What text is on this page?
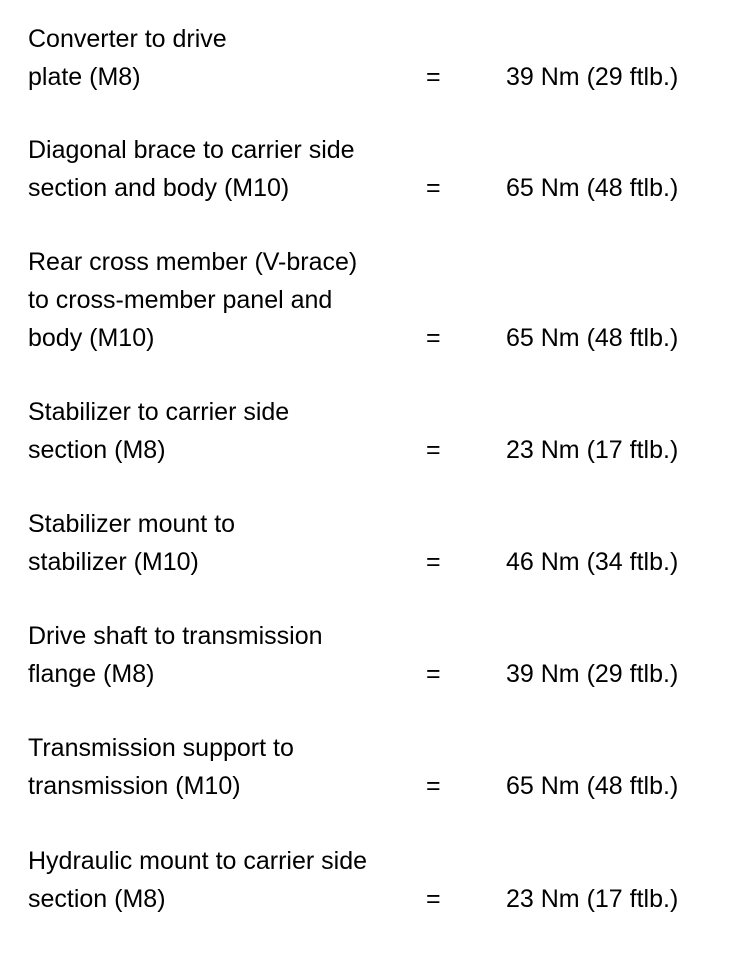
Converter to drive
plate (M8)	=	39 Nm (29 ftlb.)
Diagonal brace to carrier side
section and body (M10)	=	65 Nm (48 ftlb.)
Rear cross member (V-brace)
to cross-member panel and
body (M10)	=	65 Nm (48 ftlb.)
Stabilizer to carrier side
section (M8)	=	23 Nm (17 ftlb.)
Stabilizer mount to
stabilizer (M10)	=	46 Nm (34 ftlb.)
Drive shaft to transmission
flange (M8)	=	39 Nm (29 ftlb.)
Transmission support to
transmission (M10)	=	65 Nm (48 ftlb.)
Hydraulic mount to carrier side
section (M8)	=	23 Nm (17 ftlb.)
